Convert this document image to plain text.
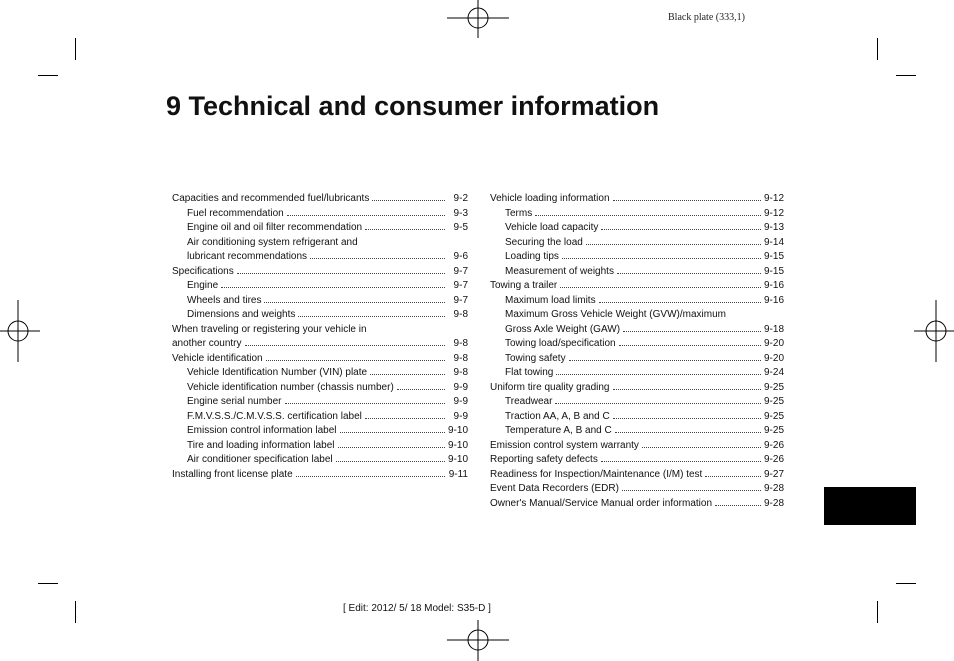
Black plate (333,1)
9 Technical and consumer information
Capacities and recommended fuel/lubricants	9-2
Fuel recommendation	9-3
Engine oil and oil filter recommendation	9-5
Air conditioning system refrigerant and
lubricant recommendations	9-6
Specifications	9-7
Engine	9-7
Wheels and tires	9-7
Dimensions and weights	9-8
When traveling or registering your vehicle in
another country	9-8
Vehicle identification	9-8
Vehicle Identification Number (VIN) plate	9-8
Vehicle identification number (chassis number)	9-9
Engine serial number	9-9
F.M.V.S.S./C.M.V.S.S. certification label	9-9
Emission control information label	9-10
Tire and loading information label	9-10
Air conditioner specification label	9-10
Installing front license plate	9-11
Vehicle loading information	9-12
Terms	9-12
Vehicle load capacity	9-13
Securing the load	9-14
Loading tips	9-15
Measurement of weights	9-15
Towing a trailer	9-16
Maximum load limits	9-16
Maximum Gross Vehicle Weight (GVW)/maximum
Gross Axle Weight (GAW)	9-18
Towing load/specification	9-20
Towing safety	9-20
Flat towing	9-24
Uniform tire quality grading	9-25
Treadwear	9-25
Traction AA, A, B and C	9-25
Temperature A, B and C	9-25
Emission control system warranty	9-26
Reporting safety defects	9-26
Readiness for Inspection/Maintenance (I/M) test	9-27
Event Data Recorders (EDR)	9-28
Owner's Manual/Service Manual order information	9-28
[ Edit: 2012/ 5/ 18 Model: S35-D ]
